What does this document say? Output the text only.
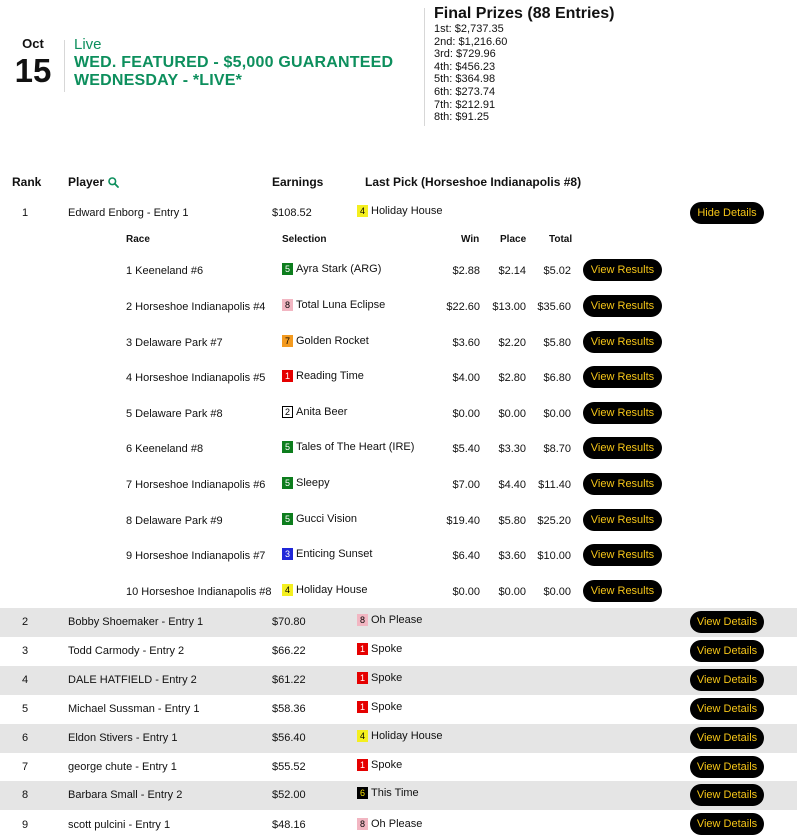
Oct
15
Live
WED. FEATURED - $5,000 GUARANTEED
WEDNESDAY - *LIVE*
Final Prizes (88 Entries)
1st: $2,737.35
2nd: $1,216.60
3rd: $729.96
4th: $456.23
5th: $364.98
6th: $273.74
7th: $212.91
8th: $91.25
Rank Player	Earnings	Last Pick (Horseshoe Indianapolis #8)
1	Edward Enborg - Entry 1	$108.52	4 Holiday House	Hide Details
Race	Selection	Win Place Total
1 Keeneland #6	5 Ayra Stark (ARG)	$2.88 $2.14 $5.02	View Results
2 Horseshoe Indianapolis #4	8 Total Luna Eclipse	$22.60 $13.00 $35.60	View Results
3 Delaware Park #7	7 Golden Rocket	$3.60 $2.20 $5.80	View Results
4 Horseshoe Indianapolis #5	1 Reading Time	$4.00 $2.80 $6.80	View Results
5 Delaware Park #8	2 Anita Beer	$0.00 $0.00 $0.00	View Results
6 Keeneland #8	5 Tales of The Heart (IRE)	$5.40 $3.30 $8.70	View Results
7 Horseshoe Indianapolis #6	5 Sleepy	$7.00 $4.40 $11.40	View Results
8 Delaware Park #9	5 Gucci Vision	$19.40 $5.80 $25.20	View Results
9 Horseshoe Indianapolis #7	3 Enticing Sunset	$6.40 $3.60 $10.00	View Results
10 Horseshoe Indianapolis #8	4 Holiday House	$0.00 $0.00 $0.00	View Results
2	Bobby Shoemaker - Entry 1	$70.80	8 Oh Please	View Details
3	Todd Carmody - Entry 2	$66.22	1 Spoke	View Details
4	DALE HATFIELD - Entry 2	$61.22	1 Spoke	View Details
5	Michael Sussman - Entry 1	$58.36	1 Spoke	View Details
6	Eldon Stivers - Entry 1	$56.40	4 Holiday House	View Details
7	george chute - Entry 1	$55.52	1 Spoke	View Details
8	Barbara Small - Entry 2	$52.00	6 This Time	View Details
9	scott pulcini - Entry 1	$48.16	8 Oh Please	View Details
